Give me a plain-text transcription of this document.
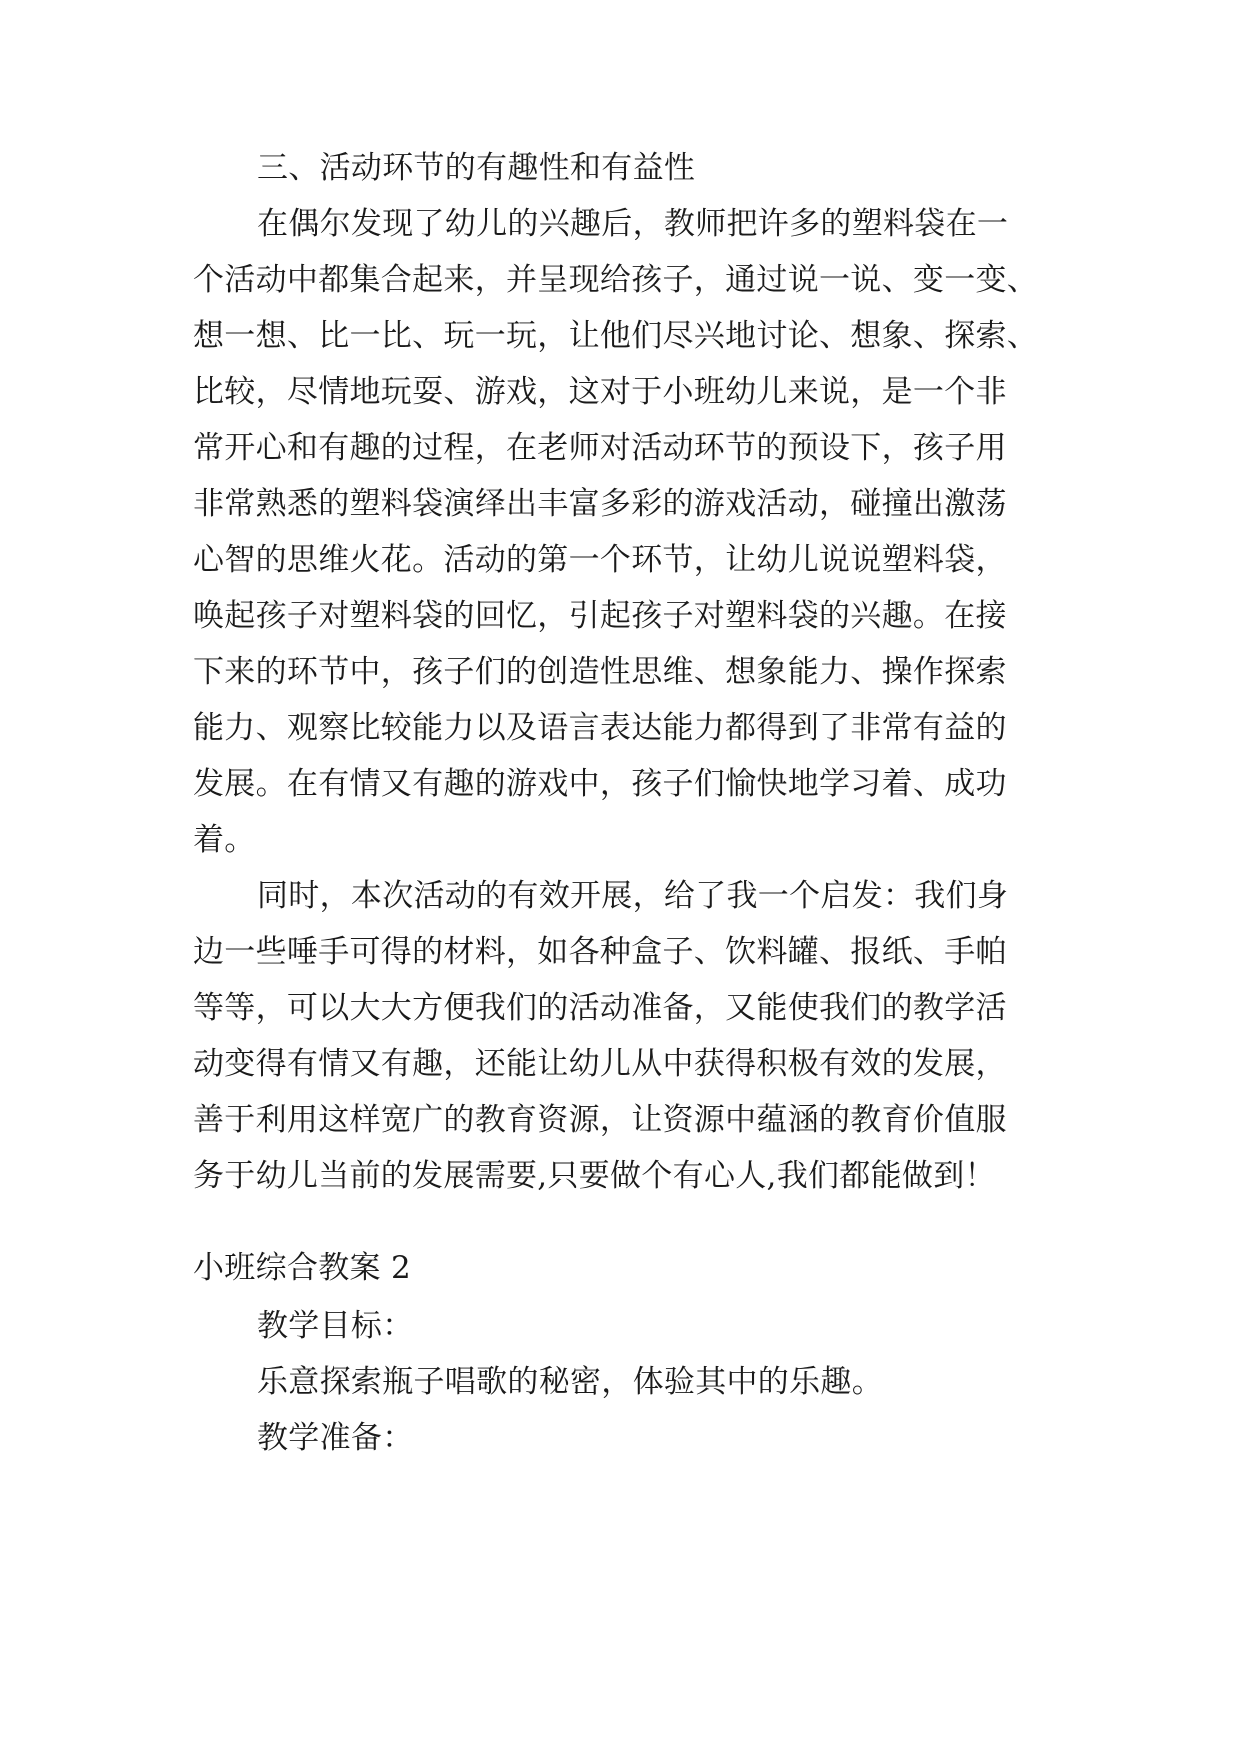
三、活动环节的有趣性和有益性
在偶尔发现了幼儿的兴趣后，教师把许多的塑料袋在一
个活动中都集合起来，并呈现给孩子，通过说一说、变一变、
想一想、比一比、玩一玩，让他们尽兴地讨论、想象、探索、
比较，尽情地玩耍、游戏，这对于小班幼儿来说，是一个非
常开心和有趣的过程，在老师对活动环节的预设下，孩子用
非常熟悉的塑料袋演绎出丰富多彩的游戏活动，碰撞出激荡
心智的思维火花。活动的第一个环节，让幼儿说说塑料袋，
唤起孩子对塑料袋的回忆，引起孩子对塑料袋的兴趣。在接
下来的环节中，孩子们的创造性思维、想象能力、操作探索
能力、观察比较能力以及语言表达能力都得到了非常有益的
发展。在有情又有趣的游戏中，孩子们愉快地学习着、成功
着。
同时，本次活动的有效开展，给了我一个启发：我们身
边一些唾手可得的材料，如各种盒子、饮料罐、报纸、手帕
等等，可以大大方便我们的活动准备，又能使我们的教学活
动变得有情又有趣，还能让幼儿从中获得积极有效的发展，
善于利用这样宽广的教育资源，让资源中蕴涵的教育价值服
务于幼儿当前的发展需要,只要做个有心人,我们都能做到！
小班综合教案 2
教学目标：
乐意探索瓶子唱歌的秘密，体验其中的乐趣。
教学准备：
